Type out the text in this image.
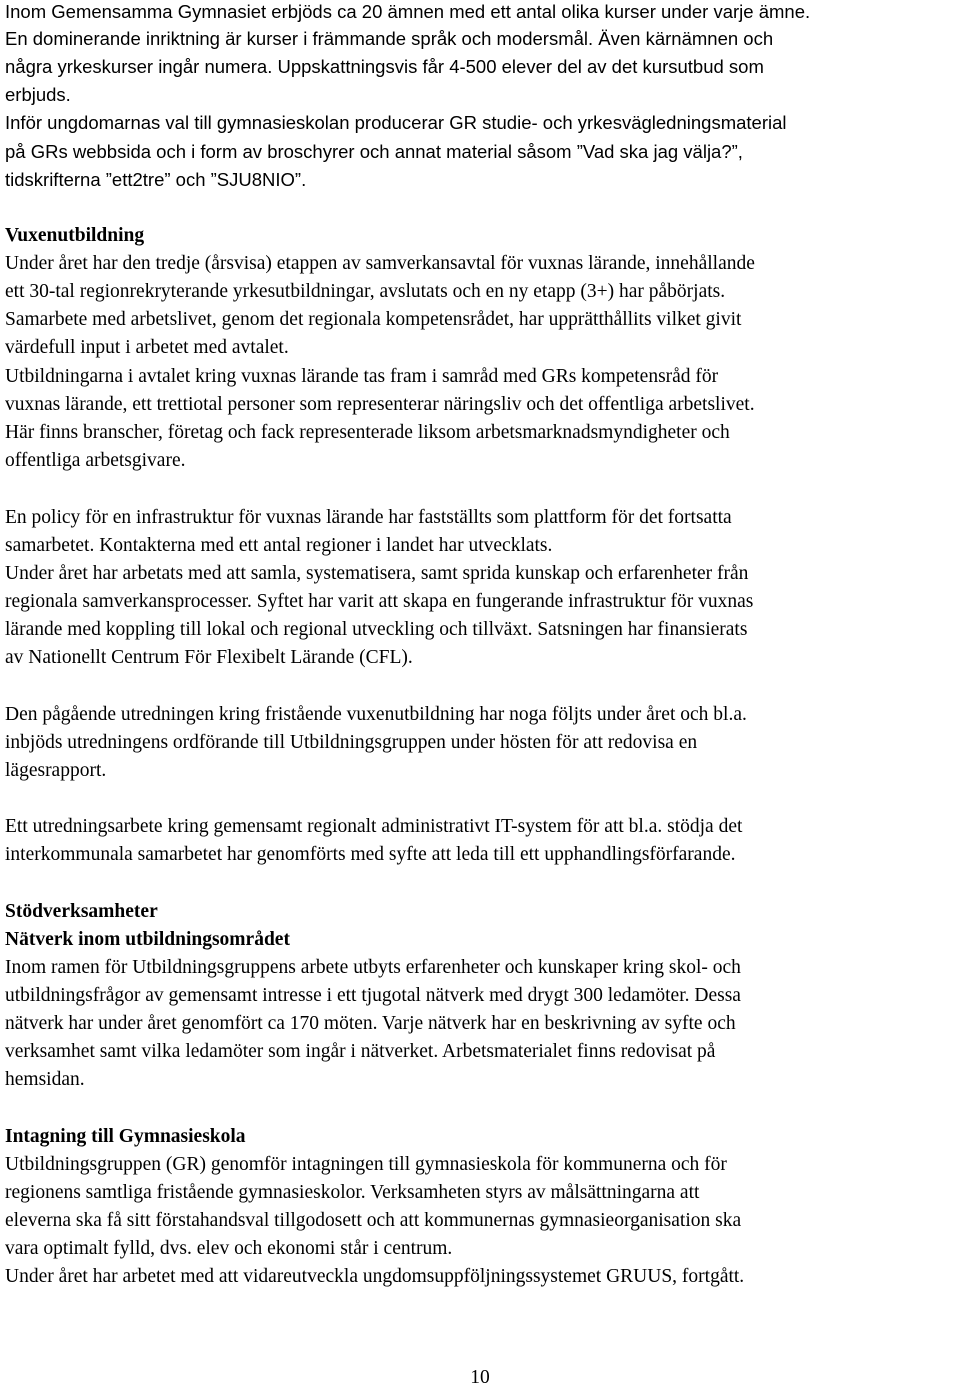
Inom Gemensamma Gymnasiet erbjöds ca 20 ämnen med ett antal olika kurser under varje ämne.
En dominerande inriktning är kurser i främmande språk och modersmål. Även kärnämnen och
några yrkeskurser ingår numera. Uppskattningsvis får 4-500 elever del av det kursutbud som
erbjuds.
Inför ungdomarnas val till gymnasieskolan producerar GR studie- och yrkesvägledningsmaterial
på GRs webbsida och i form av broschyrer och annat material såsom ”Vad ska jag välja?”,
tidskrifterna ”ett2tre” och ”SJU8NIO”.
Vuxenutbildning
Under året har den tredje (årsvisa) etappen av samverkansavtal för vuxnas lärande, innehållande
ett 30-tal regionrekryterande yrkesutbildningar, avslutats och en ny etapp (3+) har påbörjats.
Samarbete med arbetslivet, genom det regionala kompetensrådet, har upprätthållits vilket givit
värdefull input i arbetet med avtalet.
Utbildningarna i avtalet kring vuxnas lärande tas fram i samråd med GRs kompetensråd för
vuxnas lärande, ett trettiotal personer som representerar näringsliv och det offentliga arbetslivet.
Här finns branscher, företag och fack representerade liksom arbetsmarknadsmyndigheter och
offentliga arbetsgivare.
En policy för en infrastruktur för vuxnas lärande har fastställts som plattform för det fortsatta
samarbetet. Kontakterna med ett antal regioner i landet har utvecklats.
Under året har arbetats med att samla, systematisera, samt sprida kunskap och erfarenheter från
regionala samverkansprocesser. Syftet har varit att skapa en fungerande infrastruktur för vuxnas
lärande med koppling till lokal och regional utveckling och tillväxt. Satsningen har finansierats
av Nationellt Centrum För Flexibelt Lärande (CFL).
Den pågående utredningen kring fristående vuxenutbildning har noga följts under året och bl.a.
inbjöds utredningens ordförande till Utbildningsgruppen under hösten för att redovisa en
lägesrapport.
Ett utredningsarbete kring gemensamt regionalt administrativt IT-system för att bl.a. stödja det
interkommunala samarbetet har genomförts med syfte att leda till ett upphandlingsförfarande.
Stödverksamheter
Nätverk inom utbildningsområdet
Inom ramen för Utbildningsgruppens arbete utbyts erfarenheter och kunskaper kring skol- och
utbildningsfrågor av gemensamt intresse i ett tjugotal nätverk med drygt 300 ledamöter. Dessa
nätverk har under året genomfört ca 170 möten. Varje nätverk har en beskrivning av syfte och
verksamhet samt vilka ledamöter som ingår i nätverket. Arbetsmaterialet finns redovisat på
hemsidan.
Intagning till Gymnasieskola
Utbildningsgruppen (GR) genomför intagningen till gymnasieskola för kommunerna och för
regionens samtliga fristående gymnasieskolor. Verksamheten styrs av målsättningarna att
eleverna ska få sitt förstahandsval tillgodosett och att kommunernas gymnasieorganisation ska
vara optimalt fylld, dvs. elev och ekonomi står i centrum.
Under året har arbetet med att vidareutveckla ungdomsuppföljningssystemet GRUUS, fortgått.
10
